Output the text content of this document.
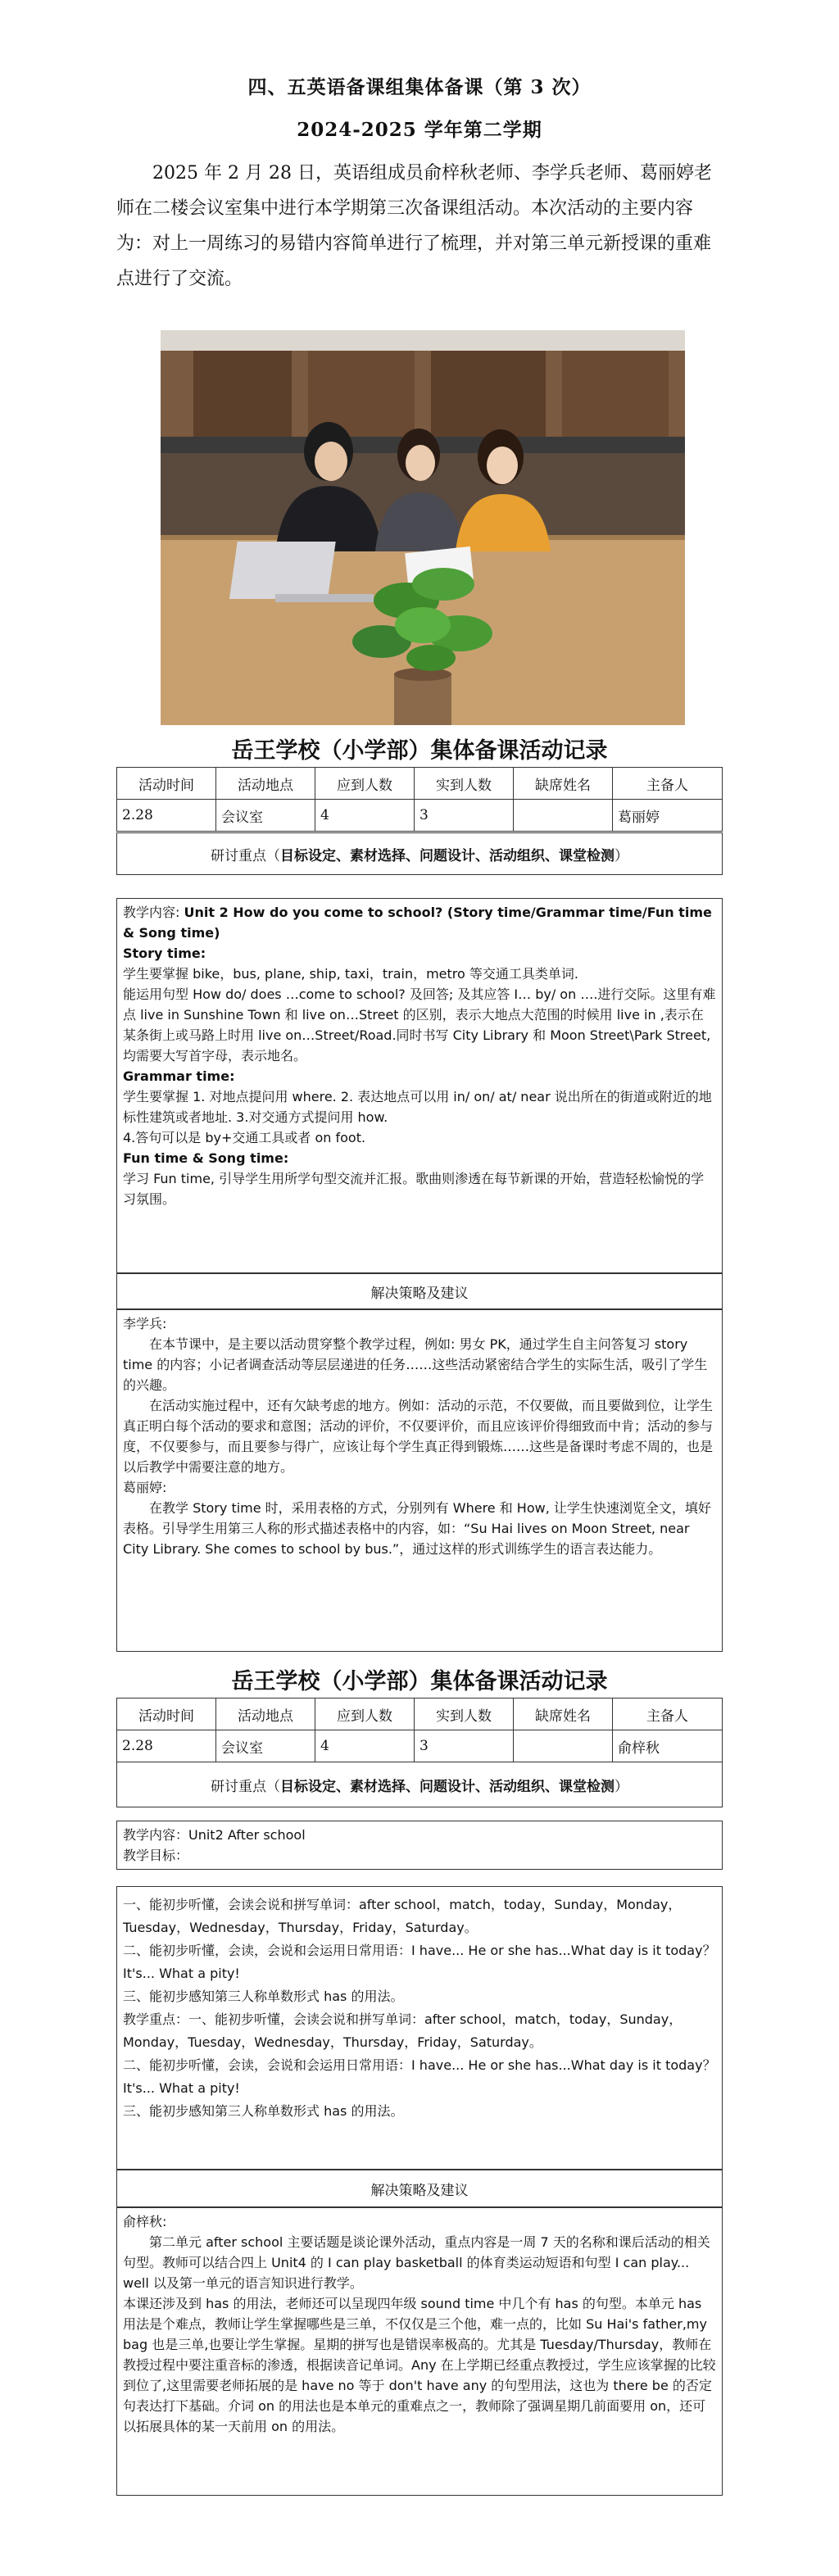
四、五英语备课组集体备课（第 3 次）
2024-2025 学年第二学期
2025 年 2 月 28 日，英语组成员俞梓秋老师、李学兵老师、葛丽婷老师在二楼会议室集中进行本学期第三次备课组活动。本次活动的主要内容为：对上一周练习的易错内容简单进行了梳理，并对第三单元新授课的重难点进行了交流。
岳王学校（小学部）集体备课活动记录
活动时间	活动地点	应到人数	实到人数	缺席姓名	主备人
2.28	会议室	4	3		葛丽婷
研讨重点（ 目标设定、素材选择、问题设计、活动组织、课堂检测 ）

教学内容: Unit 2 How do you come to school? (Story time/Grammar time/Fun time & Song time)

Story time:

学生要掌握 bike，bus, plane, ship, taxi，train，metro 等交通工具类单词.

能运用句型 How do/ does …come to school? 及回答; 及其应答 I… by/ on ….进行交际。这里有难点 live in Sunshine Town 和 live on…Street 的区别，表示大地点大范围的时候用 live in ,表示在某条街上或马路上时用 live on…Street/Road.同时书写 City Library 和 Moon Street\Park Street, 均需要大写首字母，表示地名。

Grammar time:

学生要掌握 1. 对地点提问用 where. 2. 表达地点可以用 in/ on/ at/ near 说出所在的街道或附近的地标性建筑或者地址. 3.对交通方式提问用 how.

4.答句可以是 by+交通工具或者 on foot.

Fun time & Song time:

学习 Fun time, 引导学生用所学句型交流并汇报。歌曲则渗透在每节新课的开始，营造轻松愉悦的学习氛围。

解决策略及建议

李学兵:

在本节课中，是主要以活动贯穿整个教学过程，例如: 男女 PK，通过学生自主问答复习 story time 的内容；小记者调查活动等层层递进的任务……这些活动紧密结合学生的实际生活，吸引了学生的兴趣。

在活动实施过程中，还有欠缺考虑的地方。例如：活动的示范，不仅要做，而且要做到位，让学生真正明白每个活动的要求和意图；活动的评价，不仅要评价，而且应该评价得细致而中肯；活动的参与度，不仅要参与，而且要参与得广，应该让每个学生真正得到锻炼……这些是备课时考虑不周的，也是以后教学中需要注意的地方。

葛丽婷:

在教学 Story time 时，采用表格的方式，分别列有 Where 和 How, 让学生快速浏览全文，填好表格。引导学生用第三人称的形式描述表格中的内容，如：“Su Hai lives on Moon Street, near City Library. She comes to school by bus.”，通过这样的形式训练学生的语言表达能力。

岳王学校（小学部）集体备课活动记录
活动时间	活动地点	应到人数	实到人数	缺席姓名	主备人
2.28	会议室	4	3		俞梓秋
研讨重点（ 目标设定、素材选择、问题设计、活动组织、课堂检测 ）

教学内容：Unit2 After school

教学目标：

一、能初步听懂，会读会说和拼写单词：after school，match，today，Sunday，Monday，Tuesday，Wednesday，Thursday，Friday，Saturday。

二、能初步听懂，会读，会说和会运用日常用语：I have... He or she has...What day is it today？It's... What a pity!

三、能初步感知第三人称单数形式 has 的用法。

教学重点：一、能初步听懂，会读会说和拼写单词：after school，match，today，Sunday，Monday，Tuesday，Wednesday，Thursday，Friday，Saturday。

二、能初步听懂，会读，会说和会运用日常用语：I have... He or she has...What day is it today？It's... What a pity!

三、能初步感知第三人称单数形式 has 的用法。

解决策略及建议

俞梓秋:

第二单元 after school 主要话题是谈论课外活动，重点内容是一周 7 天的名称和课后活动的相关句型。教师可以结合四上 Unit4 的 I can play basketball 的体育类运动短语和句型 I can play... well 以及第一单元的语言知识进行教学。

本课还涉及到 has 的用法，老师还可以呈现四年级 sound time 中几个有 has 的句型。本单元 has 用法是个难点，教师让学生掌握哪些是三单，不仅仅是三个他，难一点的，比如 Su Hai's father,my bag 也是三单,也要让学生掌握。星期的拼写也是错误率极高的。尤其是 Tuesday/Thursday，教师在教授过程中要注重音标的渗透，根据读音记单词。Any 在上学期已经重点教授过，学生应该掌握的比较到位了,这里需要老师拓展的是 have no 等于 don't have any 的句型用法，这也为 there be 的否定句表达打下基础。介词 on 的用法也是本单元的重难点之一，教师除了强调星期几前面要用 on，还可以拓展具体的某一天前用 on 的用法。
